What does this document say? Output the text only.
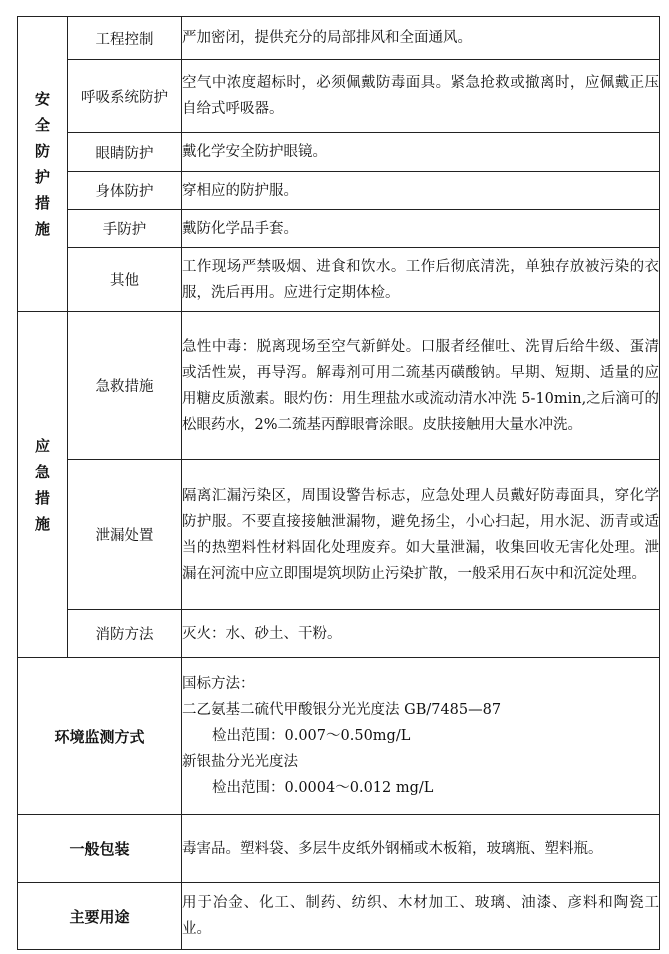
安全防护措施	工程控制	严加密闭，提供充分的局部排风和全面通风。
	呼吸系统防护	空气中浓度超标时，必须佩戴防毒面具。紧急抢救或撤离时，应佩戴正压自给式呼吸器。
	眼睛防护	戴化学安全防护眼镜。
	身体防护	穿相应的防护服。
	手防护	戴防化学品手套。
	其他	工作现场严禁吸烟、进食和饮水。工作后彻底清洗，单独存放被污染的衣服，洗后再用。应进行定期体检。
应急措施	急救措施	急性中毒：脱离现场至空气新鲜处。口服者经催吐、洗胃后给牛级、蛋清或活性炭，再导泻。解毒剂可用二巯基丙磺酸钠。早期、短期、适量的应用糖皮质激素。眼灼伤：用生理盐水或流动清水冲洗 5-10min,之后滴可的松眼药水，2%二巯基丙醇眼膏涂眼。皮肤接触用大量水冲洗。
	泄漏处置	隔离汇漏污染区，周围设警告标志，应急处理人员戴好防毒面具，穿化学防护服。不要直接接触泄漏物，避免扬尘，小心扫起，用水泥、沥青或适当的热塑料性材料固化处理废弃。如大量泄漏，收集回收无害化处理。泄漏在河流中应立即围堤筑坝防止污染扩散，一般采用石灰中和沉淀处理。
	消防方法	灭火：水、砂土、干粉。
环境监测方式		国标方法：
二乙氨基二硫代甲酸银分光光度法 GB/7485—87
检出范围：0.007～0.50mg/L
新银盐分光光度法
检出范围：0.0004～0.012 mg/L

一般包装		毒害品。塑料袋、多层牛皮纸外钢桶或木板箱，玻璃瓶、塑料瓶。
主要用途		用于冶金、化工、制药、纺织、木材加工、玻璃、油漆、彦料和陶瓷工业。
